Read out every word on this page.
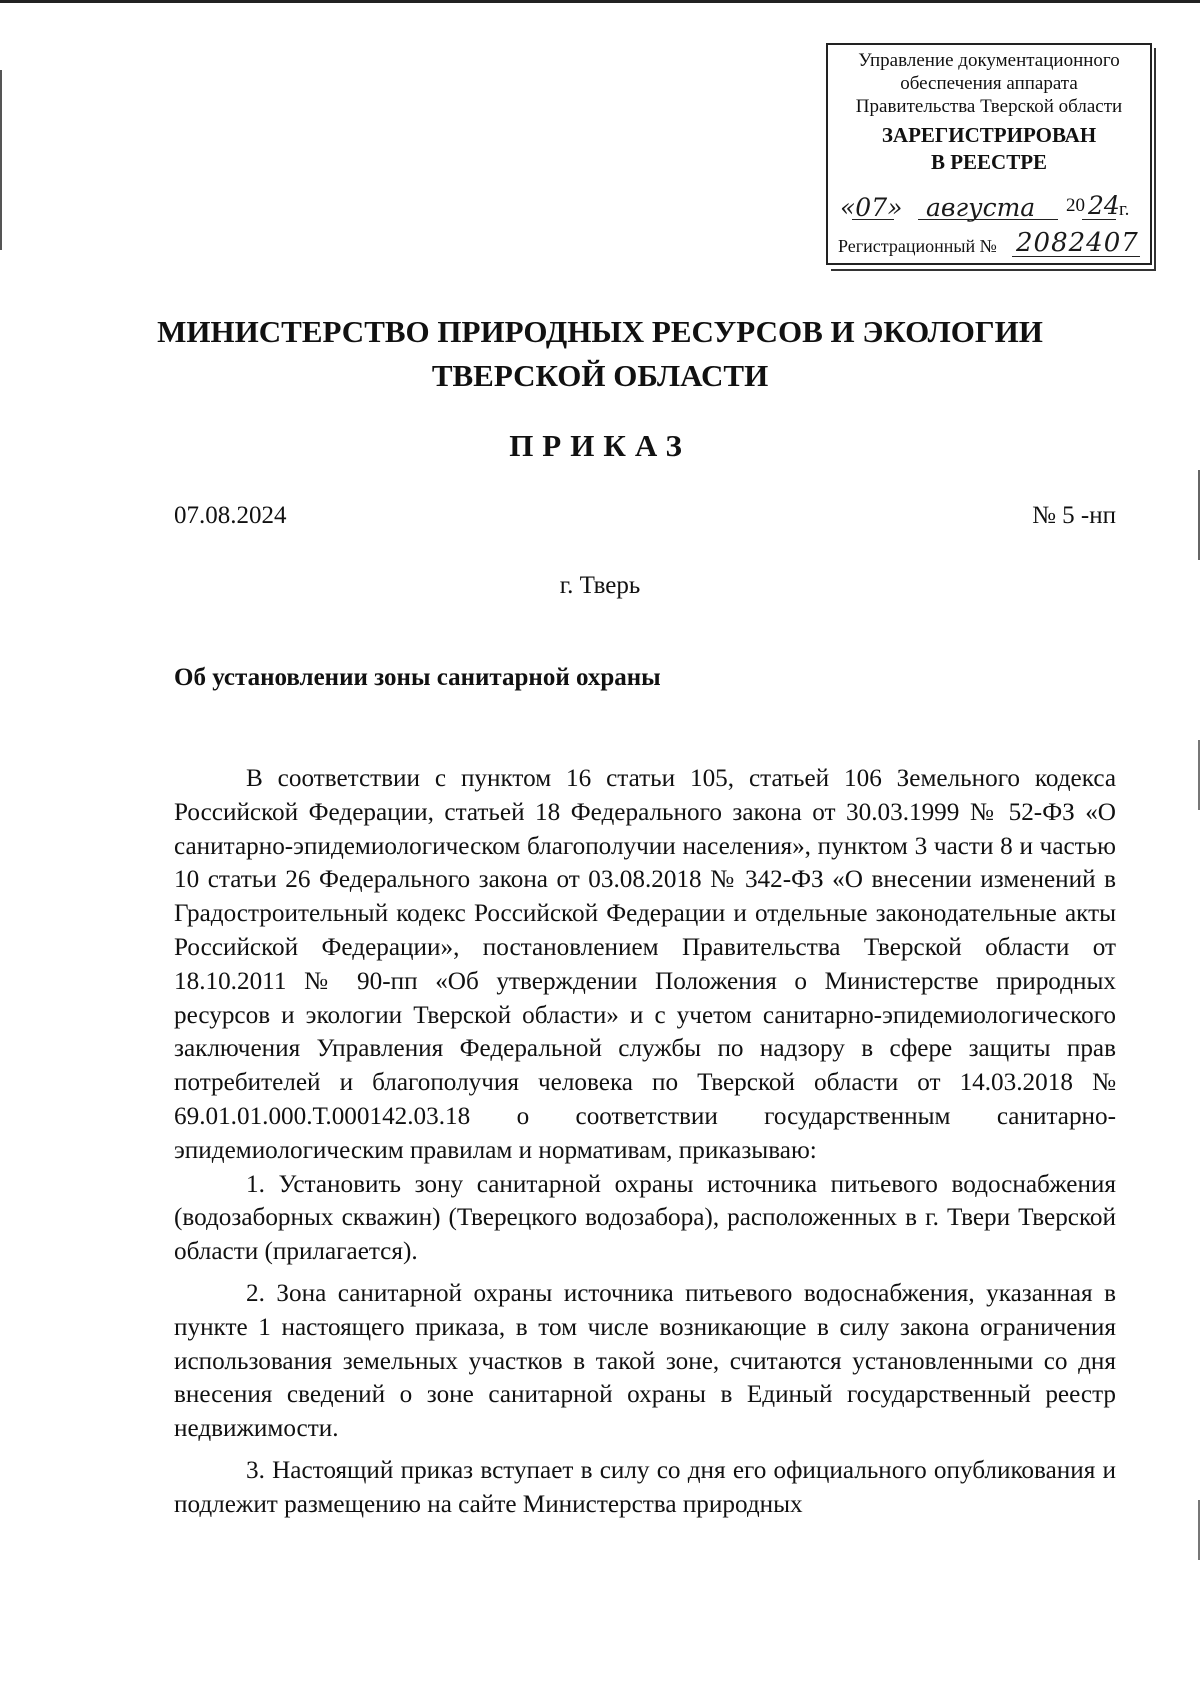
Управление документационного

обеспечения аппарата

Правительства Тверской области

ЗАРЕГИСТРИРОВАН

В РЕЕСТРЕ

«07» августа 20 24 г.
Регистрационный № 2082407

МИНИСТЕРСТВО ПРИРОДНЫХ РЕСУРСОВ И ЭКОЛОГИИ

ТВЕРСКОЙ ОБЛАСТИ

ПРИКАЗ
07.08.2024	№ 5 -нп
г. Тверь
Об установлении зоны санитарной охраны

В соответствии с пунктом 16 статьи 105, статьей 106 Земельного кодекса Российской Федерации, статьей 18 Федерального закона от 30.03.1999 № 52-ФЗ «О санитарно-эпидемиологическом благополучии населения», пунктом 3 части 8 и частью 10 статьи 26 Федерального закона от 03.08.2018 № 342-ФЗ «О внесении изменений в Градостроительный кодекс Российской Федерации и отдельные законодательные акты Российской Федерации», постановлением Правительства Тверской области от 18.10.2011 № 90-пп «Об утверждении Положения о Министерстве природных ресурсов и экологии Тверской области» и с учетом санитарно-эпидемиологического заключения Управления Федеральной службы по надзору в сфере защиты прав потребителей и благополучия человека по Тверской области от 14.03.2018 № 69.01.01.000.Т.000142.03.18 о соответствии государственным санитарно-эпидемиологическим правилам и нормативам, приказываю:

1. Установить зону санитарной охраны источника питьевого водоснабжения (водозаборных скважин) (Тверецкого водозабора), расположенных в г. Твери Тверской области (прилагается).

2. Зона санитарной охраны источника питьевого водоснабжения, указанная в пункте 1 настоящего приказа, в том числе возникающие в силу закона ограничения использования земельных участков в такой зоне, считаются установленными со дня внесения сведений о зоне санитарной охраны в Единый государственный реестр недвижимости.

3. Настоящий приказ вступает в силу со дня его официального опубликования и подлежит размещению на сайте Министерства природных
